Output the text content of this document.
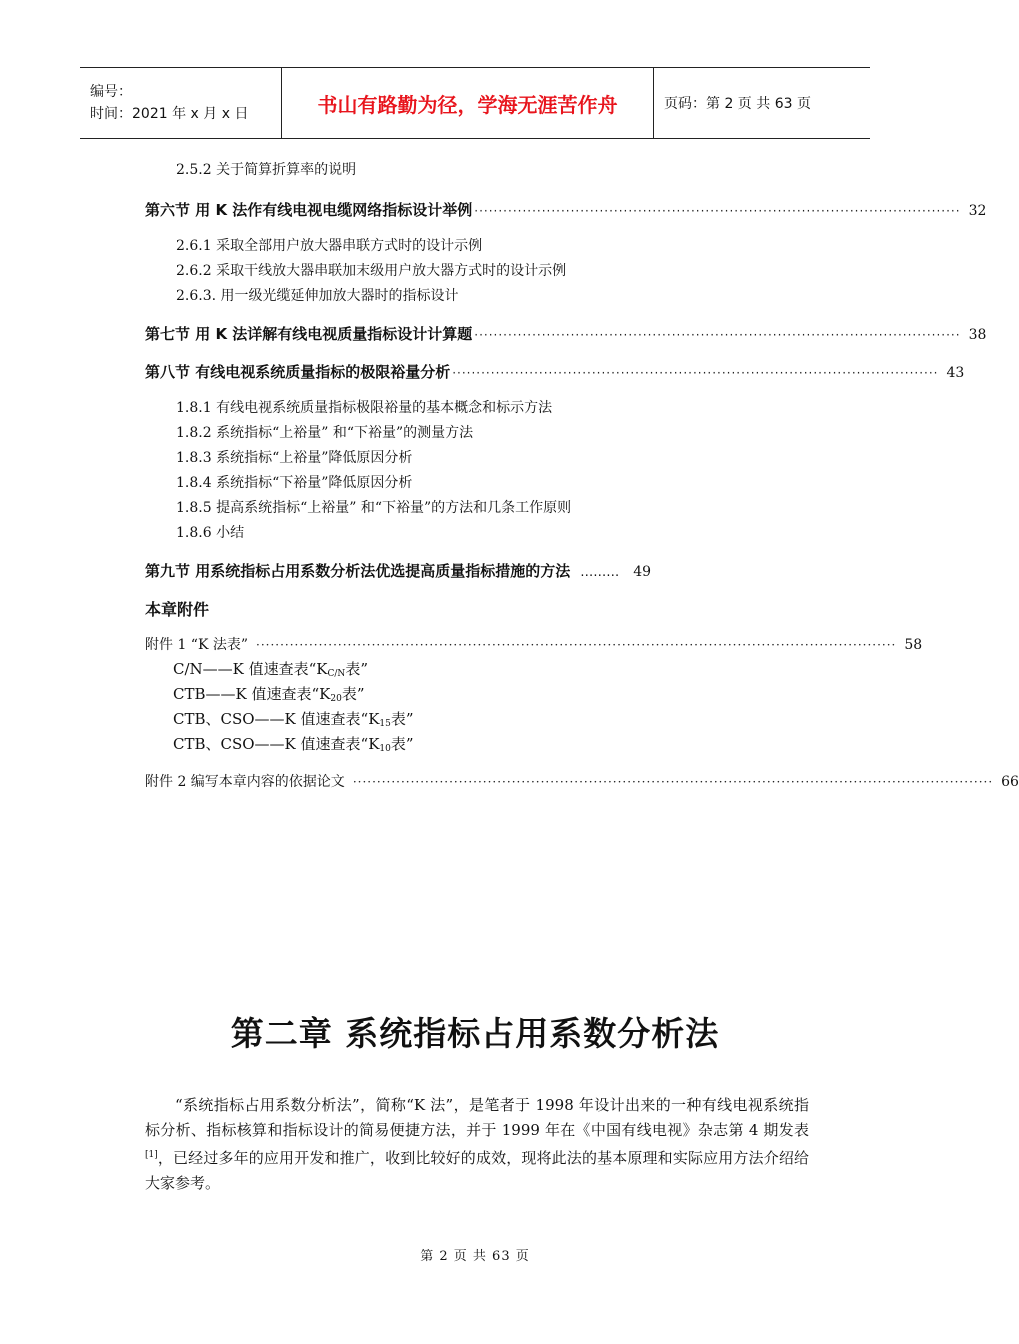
编号：
时间：2021 年 x 月 x 日	书山有路勤为径，学海无涯苦作舟	页码：第 2 页 共 63 页
2.5.2 关于简算折算率的说明
第六节 用 K 法作有线电视电缆网络指标设计举例 ····································································································· 32
2.6.1 采取全部用户放大器串联方式时的设计示例
2.6.2 采取干线放大器串联加末级用户放大器方式时的设计示例
2.6.3. 用一级光缆延伸加放大器时的指标设计
第七节 用 K 法详解有线电视质量指标设计计算题 ····································································································· 38
第八节 有线电视系统质量指标的极限裕量分析 ····································································································· 43
1.8.1 有线电视系统质量指标极限裕量的基本概念和标示方法
1.8.2 系统指标“上裕量” 和“下裕量”的测量方法
1.8.3 系统指标“上裕量”降低原因分析
1.8.4 系统指标“下裕量”降低原因分析
1.8.5 提高系统指标“上裕量” 和“下裕量”的方法和几条工作原则
1.8.6 小结
第九节 用系统指标占用系数分析法优选提高质量指标措施的方法 ……… 49
本章附件
附件 1 “K 法表” ····································································································································· 58
C/N——K 值速查表“$K_{C/N}$表”
CTB——K 值速查表“$K_{20}$表”
CTB、CSO——K 值速查表“$K_{15}$表”
CTB、CSO——K 值速查表“$K_{10}$表”
附件 2 编写本章内容的依据论文 ····································································································································· 66
第二章 系统指标占用系数分析法
“系统指标占用系数分析法”，简称“K 法”，是笔者于 1998 年设计出来的一种有线电视系统指标分析、指标核算和指标设计的简易便捷方法，并于 1999 年在《中国有线电视》杂志第 4 期发表[1]，已经过多年的应用开发和推广，收到比较好的成效，现将此法的基本原理和实际应用方法介绍给大家参考。
第 2 页 共 63 页
